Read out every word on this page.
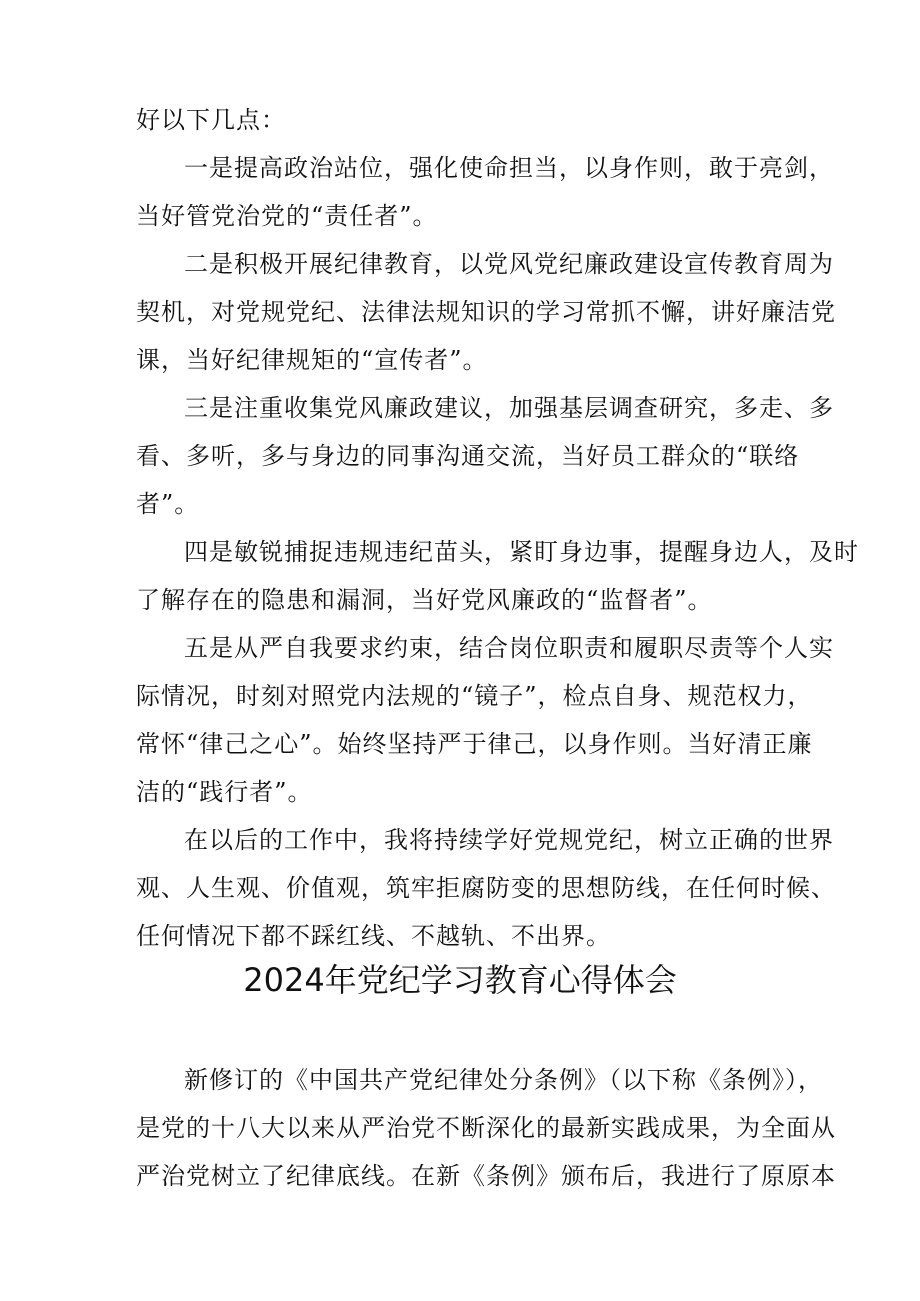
好以下几点：
一是提高政治站位，强化使命担当，以身作则，敢于亮剑，
当好管党治党的“责任者”。
二是积极开展纪律教育，以党风党纪廉政建设宣传教育周为
契机，对党规党纪、法律法规知识的学习常抓不懈，讲好廉洁党
课，当好纪律规矩的“宣传者”。
三是注重收集党风廉政建议，加强基层调查研究，多走、多
看、多听，多与身边的同事沟通交流，当好员工群众的“联络
者”。
四是敏锐捕捉违规违纪苗头，紧盯身边事，提醒身边人，及时
了解存在的隐患和漏洞，当好党风廉政的“监督者”。
五是从严自我要求约束，结合岗位职责和履职尽责等个人实
际情况，时刻对照党内法规的“镜子”，检点自身、规范权力，
常怀“律己之心”。始终坚持严于律己，以身作则。当好清正廉
洁的“践行者”。
在以后的工作中，我将持续学好党规党纪，树立正确的世界
观、人生观、价值观，筑牢拒腐防变的思想防线，在任何时候、
任何情况下都不踩红线、不越轨、不出界。
2024年党纪学习教育心得体会
新修订的《中国共产党纪律处分条例》（以下称《条例》），
是党的十八大以来从严治党不断深化的最新实践成果，为全面从
严治党树立了纪律底线。在新《条例》颁布后，我进行了原原本
